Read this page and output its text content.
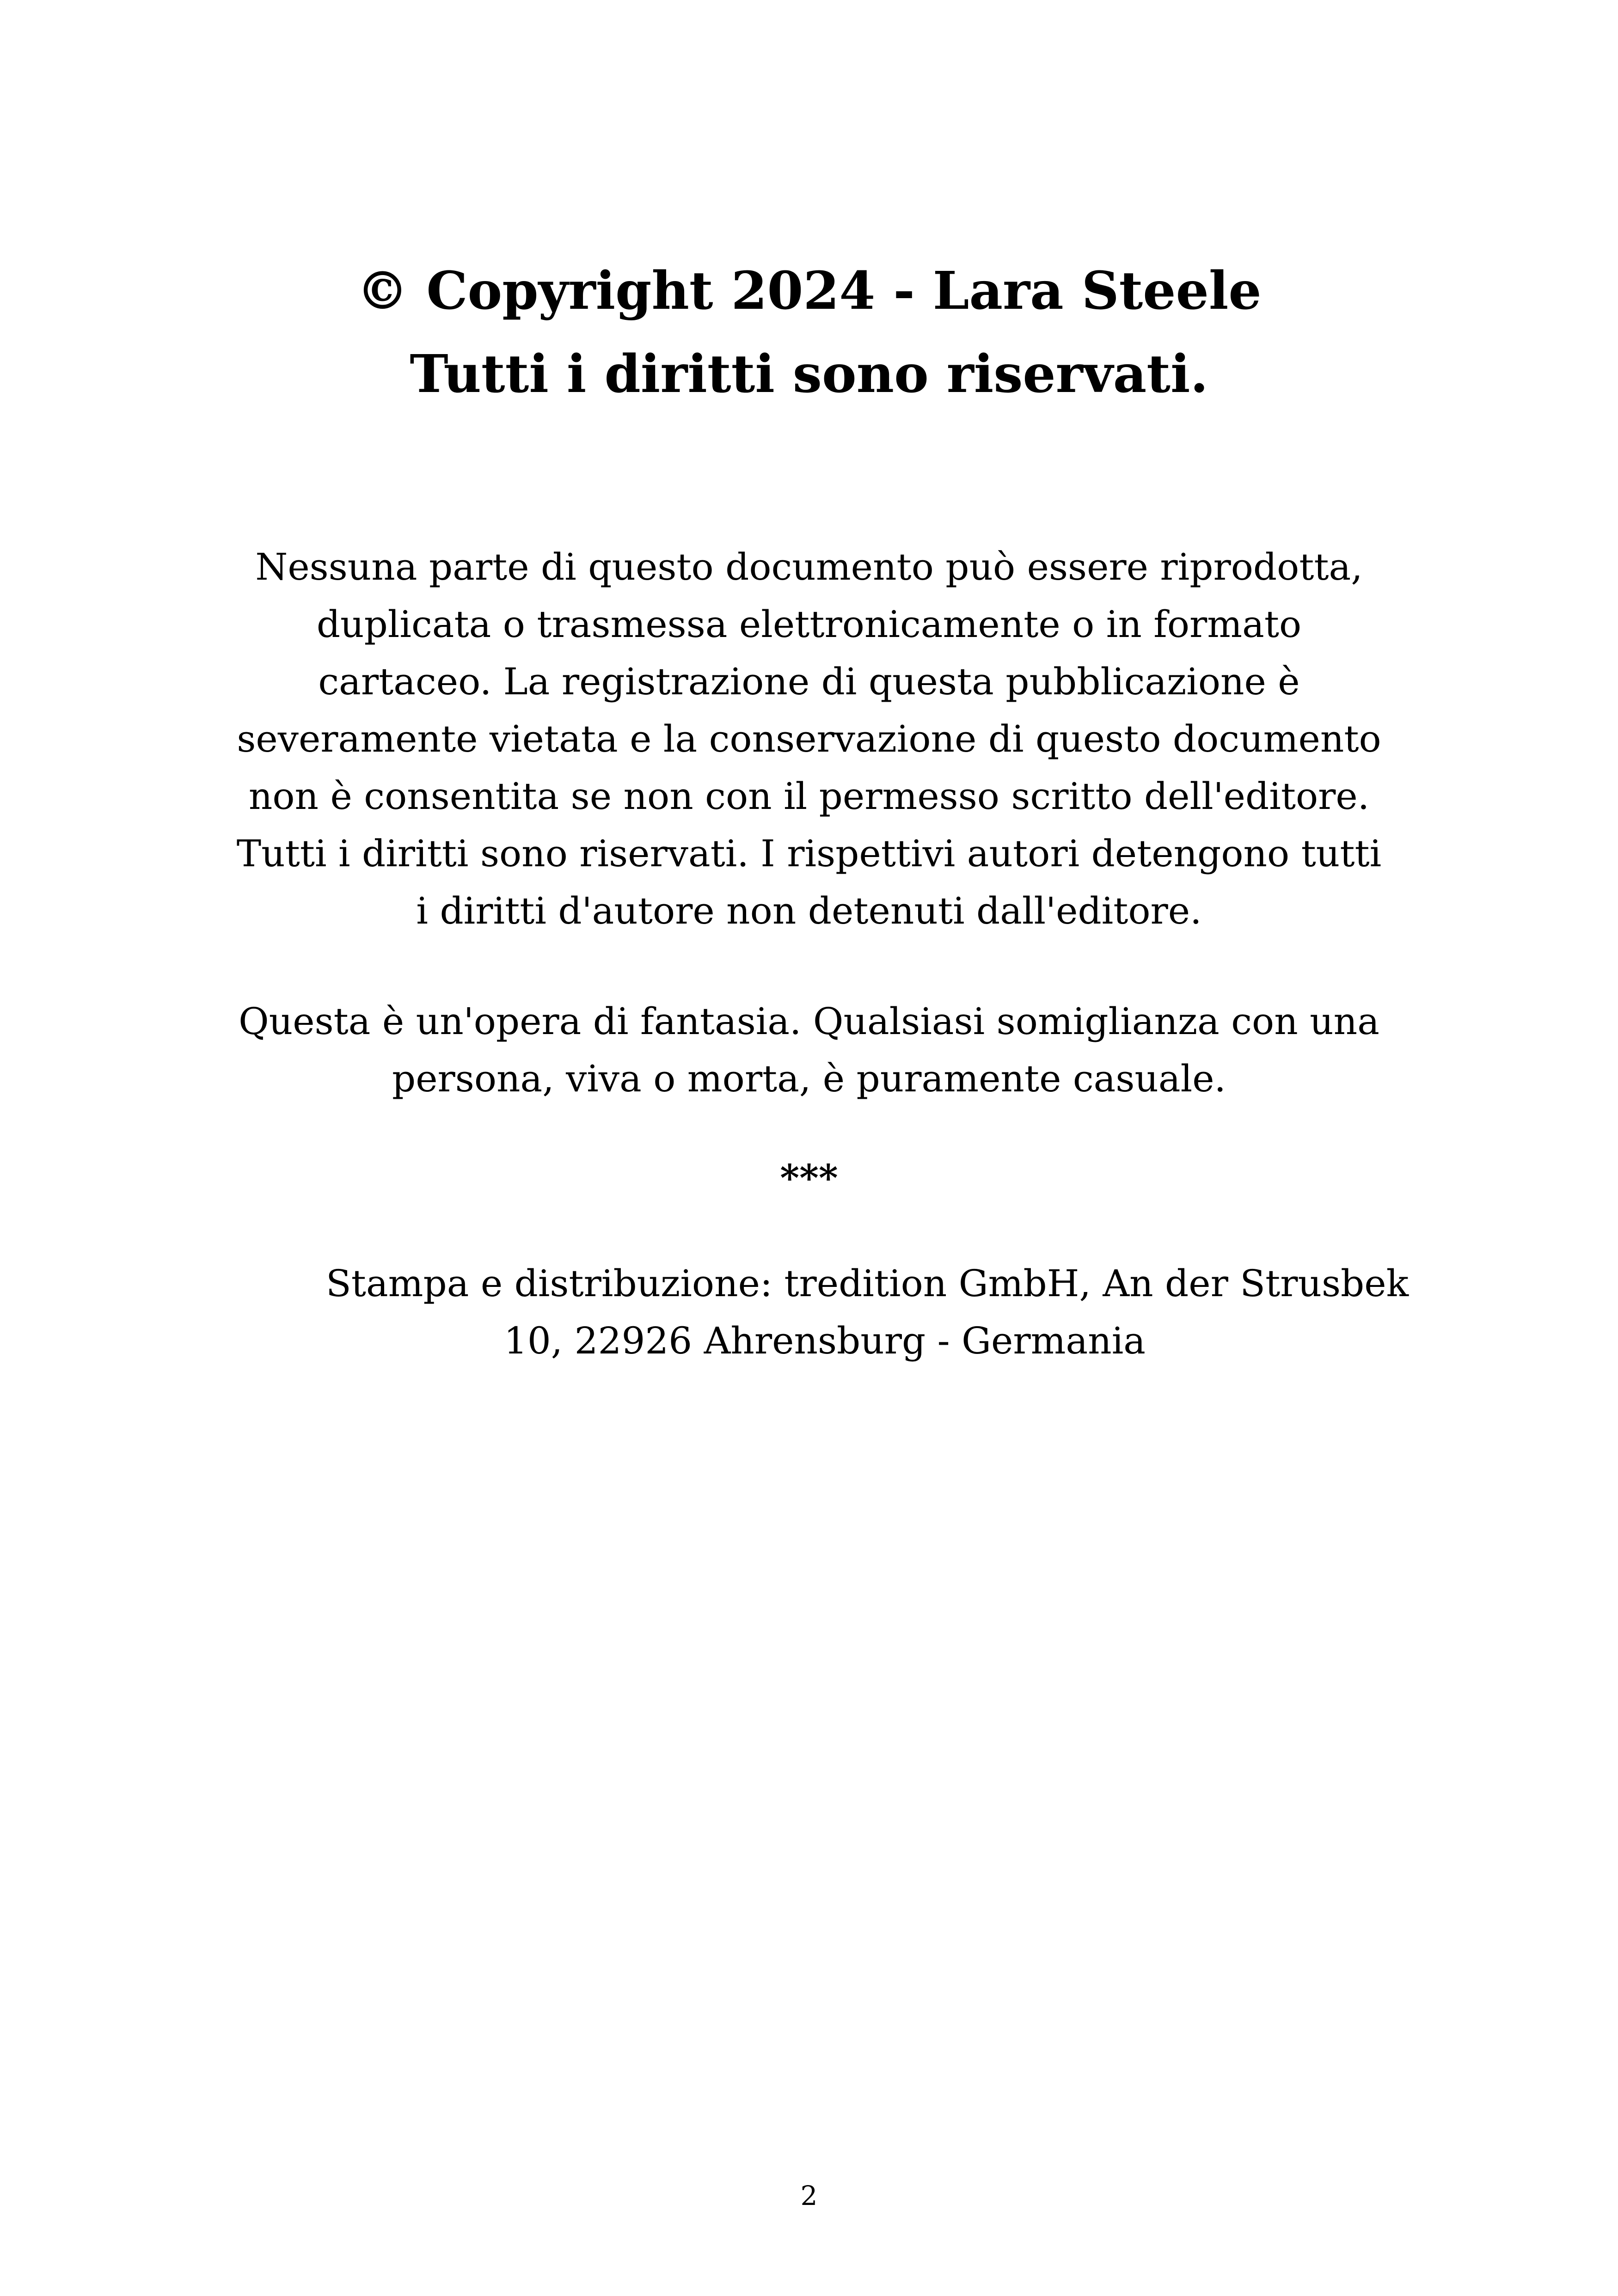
© Copyright 2024 - Lara Steele
Tutti i diritti sono riservati.
Nessuna parte di questo documento può essere riprodotta,
duplicata o trasmessa elettronicamente o in formato
cartaceo. La registrazione di questa pubblicazione è
severamente vietata e la conservazione di questo documento
non è consentita se non con il permesso scritto dell'editore.
Tutti i diritti sono riservati. I rispettivi autori detengono tutti
i diritti d'autore non detenuti dall'editore.
Questa è un'opera di fantasia. Qualsiasi somiglianza con una
persona, viva o morta, è puramente casuale.
***
Stampa e distribuzione: tredition GmbH, An der Strusbek
10, 22926 Ahrensburg - Germania
2
